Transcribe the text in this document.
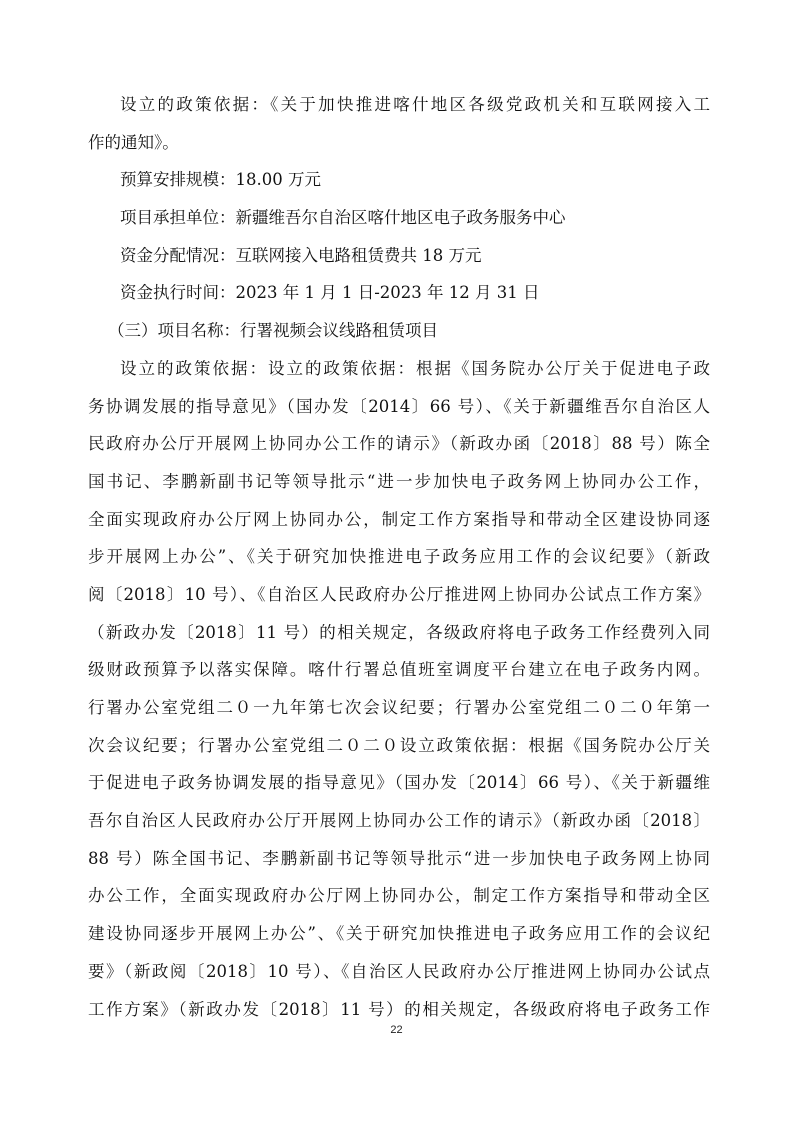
设立的政策依据：《关于加快推进喀什地区各级党政机关和互联网接入工
作的通知》。
预算安排规模：18.00 万元
项目承担单位：新疆维吾尔自治区喀什地区电子政务服务中心
资金分配情况：互联网接入电路租赁费共 18 万元
资金执行时间：2023 年 1 月 1 日-2023 年 12 月 31 日
（三）项目名称：行署视频会议线路租赁项目
设立的政策依据：设立的政策依据：根据《国务院办公厅关于促进电子政
务协调发展的指导意见》（国办发〔2014〕66 号）、《关于新疆维吾尔自治区人
民政府办公厅开展网上协同办公工作的请示》（新政办函〔2018〕88 号）陈全
国书记、李鹏新副书记等领导批示“进一步加快电子政务网上协同办公工作，
全面实现政府办公厅网上协同办公，制定工作方案指导和带动全区建设协同逐
步开展网上办公”、《关于研究加快推进电子政务应用工作的会议纪要》（新政
阅〔2018〕10 号）、《自治区人民政府办公厅推进网上协同办公试点工作方案》
（新政办发〔2018〕11 号）的相关规定，各级政府将电子政务工作经费列入同
级财政预算予以落实保障。喀什行署总值班室调度平台建立在电子政务内网。
行署办公室党组二０一九年第七次会议纪要；行署办公室党组二０二０年第一
次会议纪要；行署办公室党组二０二０设立政策依据：根据《国务院办公厅关
于促进电子政务协调发展的指导意见》（国办发〔2014〕66 号）、《关于新疆维
吾尔自治区人民政府办公厅开展网上协同办公工作的请示》（新政办函〔2018〕
88 号）陈全国书记、李鹏新副书记等领导批示“进一步加快电子政务网上协同
办公工作，全面实现政府办公厅网上协同办公，制定工作方案指导和带动全区
建设协同逐步开展网上办公”、《关于研究加快推进电子政务应用工作的会议纪
要》（新政阅〔2018〕10 号）、《自治区人民政府办公厅推进网上协同办公试点
工作方案》（新政办发〔2018〕11 号）的相关规定，各级政府将电子政务工作
22
